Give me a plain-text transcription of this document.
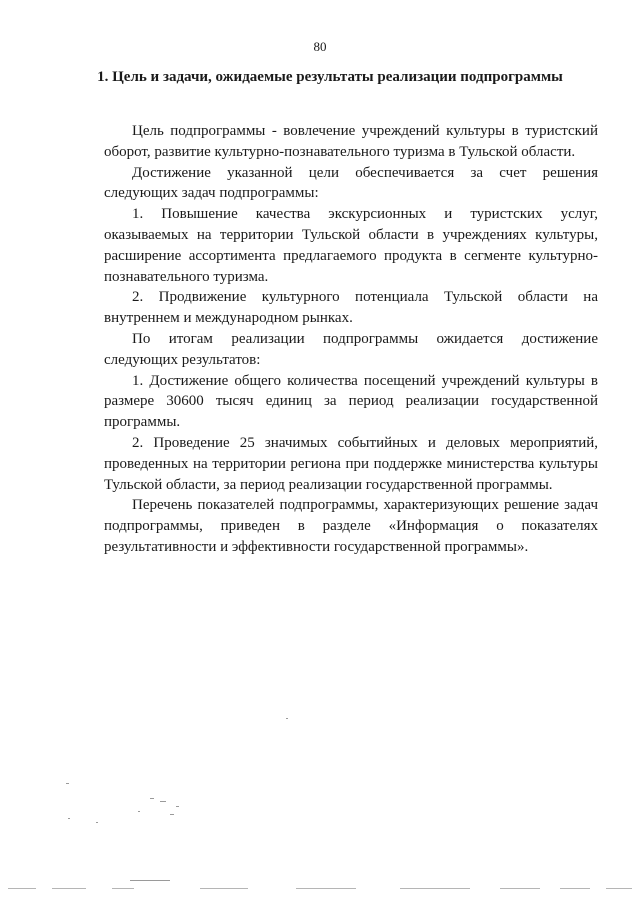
80
1. Цель и задачи, ожидаемые результаты реализации подпрограммы

Цель подпрограммы - вовлечение учреждений культуры в туристский оборот, развитие культурно-познавательного туризма в Тульской области.

Достижение указанной цели обеспечивается за счет решения следующих задач подпрограммы:

1. Повышение качества экскурсионных и туристских услуг, оказываемых на территории Тульской области в учреждениях культуры, расширение ассортимента предлагаемого продукта в сегменте культурно-познавательного туризма.

2. Продвижение культурного потенциала Тульской области на внутреннем и международном рынках.

По итогам реализации подпрограммы ожидается достижение следующих результатов:

1. Достижение общего количества посещений учреждений культуры в размере 30600 тысяч единиц за период реализации государственной программы.

2. Проведение 25 значимых событийных и деловых мероприятий, проведенных на территории региона при поддержке министерства культуры Тульской области, за период реализации государственной программы.

Перечень показателей подпрограммы, характеризующих решение задач подпрограммы, приведен в разделе «Информация о показателях результативности и эффективности государственной программы».
